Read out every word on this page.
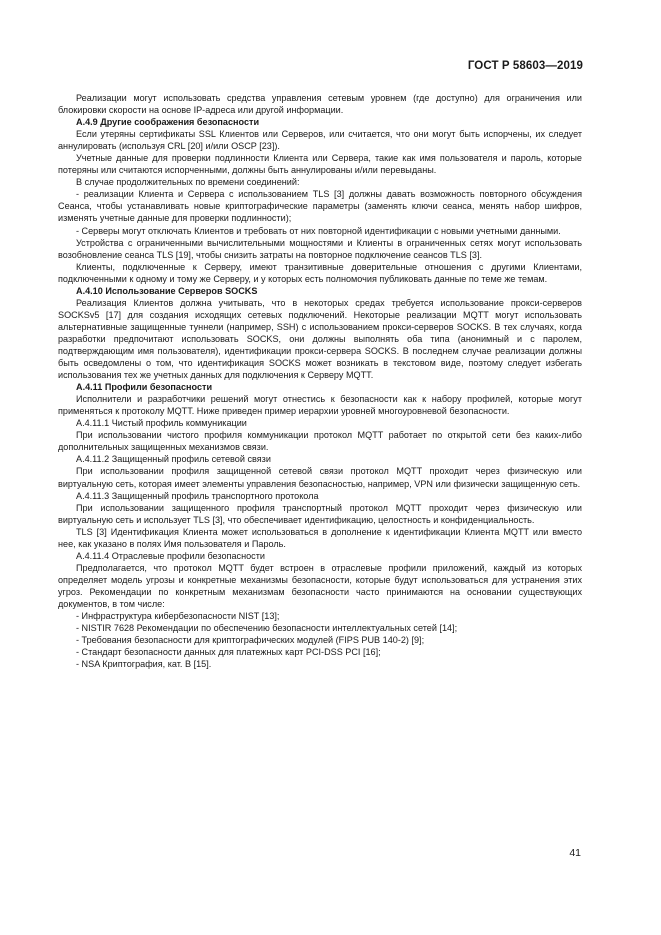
ГОСТ Р 58603—2019

Реализации могут использовать средства управления сетевым уровнем (где доступно) для ограничения или блокировки скорости на основе IP-адреса или другой информации.

А.4.9 Другие соображения безопасности

Если утеряны сертификаты SSL Клиентов или Серверов, или считается, что они могут быть испорчены, их следует аннулировать (используя CRL [20] и/или OSCP [23]).

Учетные данные для проверки подлинности Клиента или Сервера, такие как имя пользователя и пароль, которые потеряны или считаются испорченными, должны быть аннулированы и/или перевыданы.

В случае продолжительных по времени соединений:

- реализации Клиента и Сервера с использованием TLS [3] должны давать возможность повторного обсуждения Сеанса, чтобы устанавливать новые криптографические параметры (заменять ключи сеанса, менять набор шифров, изменять учетные данные для проверки подлинности);

- Серверы могут отключать Клиентов и требовать от них повторной идентификации с новыми учетными данными.

Устройства с ограниченными вычислительными мощностями и Клиенты в ограниченных сетях могут использовать возобновление сеанса TLS [19], чтобы снизить затраты на повторное подключение сеансов TLS [3].

Клиенты, подключенные к Серверу, имеют транзитивные доверительные отношения с другими Клиентами, подключенными к одному и тому же Серверу, и у которых есть полномочия публиковать данные по теме же темам.

А.4.10 Использование Серверов SOCKS

Реализация Клиентов должна учитывать, что в некоторых средах требуется использование прокси-серверов SOCKSv5 [17] для создания исходящих сетевых подключений. Некоторые реализации MQTT могут использовать альтернативные защищенные туннели (например, SSH) с использованием прокси-серверов SOCKS. В тех случаях, когда разработки предпочитают использовать SOCKS, они должны выполнять оба типа (анонимный и с паролем, подтверждающим имя пользователя), идентификации прокси-сервера SOCKS. В последнем случае реализации должны быть осведомлены о том, что идентификация SOCKS может возникать в текстовом виде, поэтому следует избегать использования тех же учетных данных для подключения к Серверу MQTT.

А.4.11 Профили безопасности

Исполнители и разработчики решений могут отнестись к безопасности как к набору профилей, которые могут применяться к протоколу MQTT. Ниже приведен пример иерархии уровней многоуровневой безопасности.

А.4.11.1 Чистый профиль коммуникации

При использовании чистого профиля коммуникации протокол MQTT работает по открытой сети без каких-либо дополнительных защищенных механизмов связи.

А.4.11.2 Защищенный профиль сетевой связи

При использовании профиля защищенной сетевой связи протокол MQTT проходит через физическую или виртуальную сеть, которая имеет элементы управления безопасностью, например, VPN или физически защищенную сеть.

А.4.11.3 Защищенный профиль транспортного протокола

При использовании защищенного профиля транспортный протокол MQTT проходит через физическую или виртуальную сеть и использует TLS [3], что обеспечивает идентификацию, целостность и конфиденциальность.

TLS [3] Идентификация Клиента может использоваться в дополнение к идентификации Клиента MQTT или вместо нее, как указано в полях Имя пользователя и Пароль.

А.4.11.4 Отраслевые профили безопасности

Предполагается, что протокол MQTT будет встроен в отраслевые профили приложений, каждый из которых определяет модель угрозы и конкретные механизмы безопасности, которые будут использоваться для устранения этих угроз. Рекомендации по конкретным механизмам безопасности часто принимаются на основании существующих документов, в том числе:

- Инфраструктура кибербезопасности NIST [13];

- NISTIR 7628 Рекомендации по обеспечению безопасности интеллектуальных сетей [14];

- Требования безопасности для криптографических модулей (FIPS PUB 140-2) [9];

- Стандарт безопасности данных для платежных карт PCI-DSS PCI [16];

- NSA Криптография, кат. В [15].

41
